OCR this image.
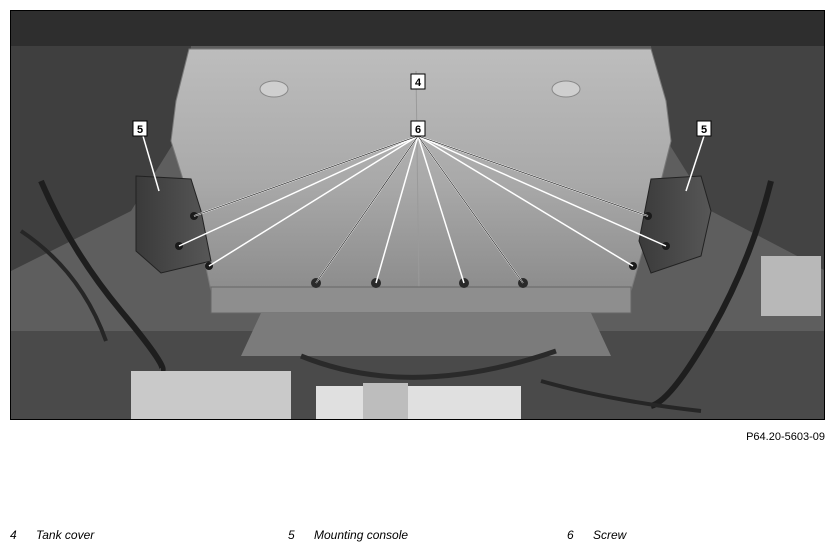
4
6
5	5
P64.20-5603-09
4 Tank cover	5 Mounting console	6 Screw
